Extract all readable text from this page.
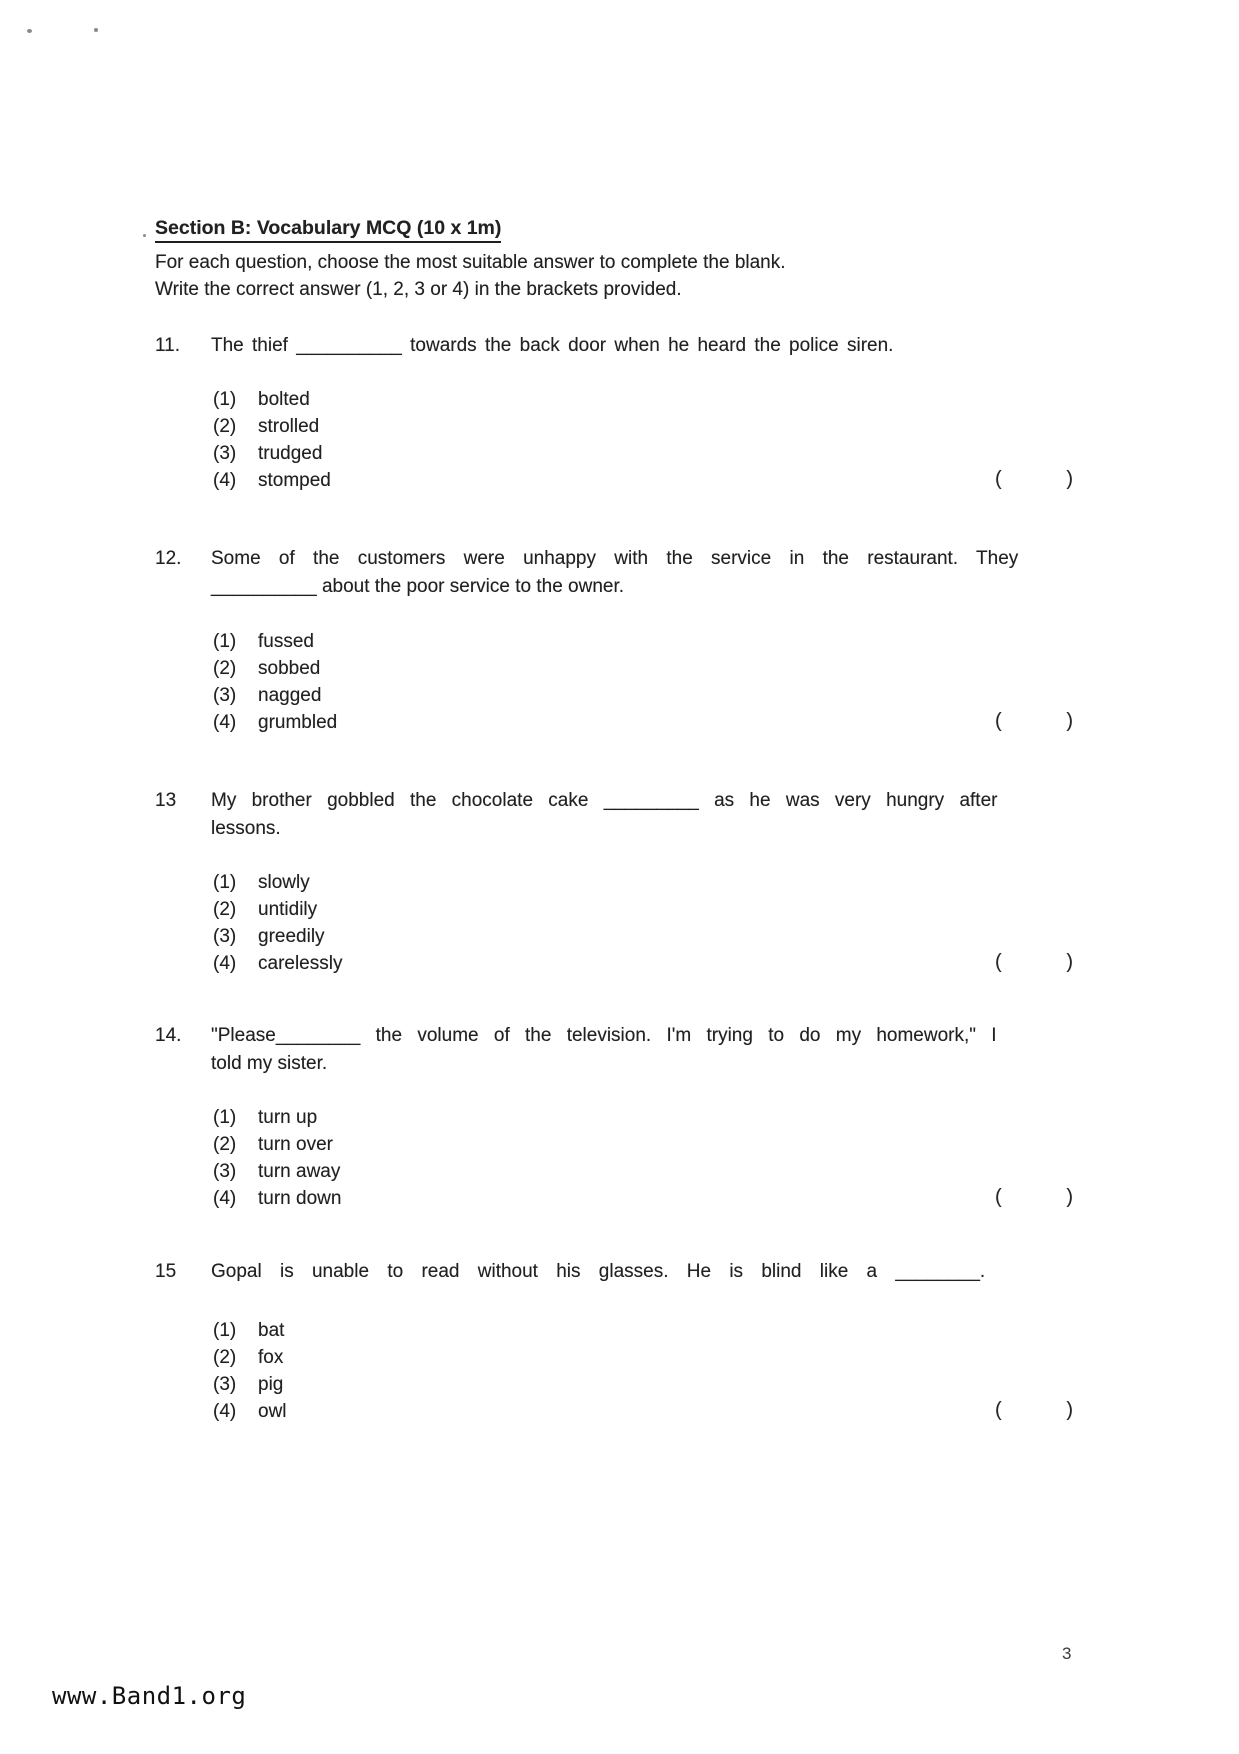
Section B: Vocabulary MCQ (10 x 1m)
For each question, choose the most suitable answer to complete the blank.
Write the correct answer (1, 2, 3 or 4) in the brackets provided.
11.	The thief __________ towards the back door when he heard the police siren.
(1)	bolted
(2)	strolled
(3)	trudged
(4)	stomped	(	)
12.	Some of the customers were unhappy with the service in the restaurant. They
__________ about the poor service to the owner.
(1)	fussed
(2)	sobbed
(3)	nagged
(4)	grumbled	(	)
13	My brother gobbled the chocolate cake _________ as he was very hungry after
lessons.
(1)	slowly
(2)	untidily
(3)	greedily
(4)	carelessly	(	)
14.	"Please________ the volume of the television. I'm trying to do my homework," I
told my sister.
(1)	turn up
(2)	turn over
(3)	turn away
(4)	turn down	(	)
15	Gopal is unable to read without his glasses. He is blind like a ________.
(1)	bat
(2)	fox
(3)	pig
(4)	owl	(	)
www.Band1.org
3
